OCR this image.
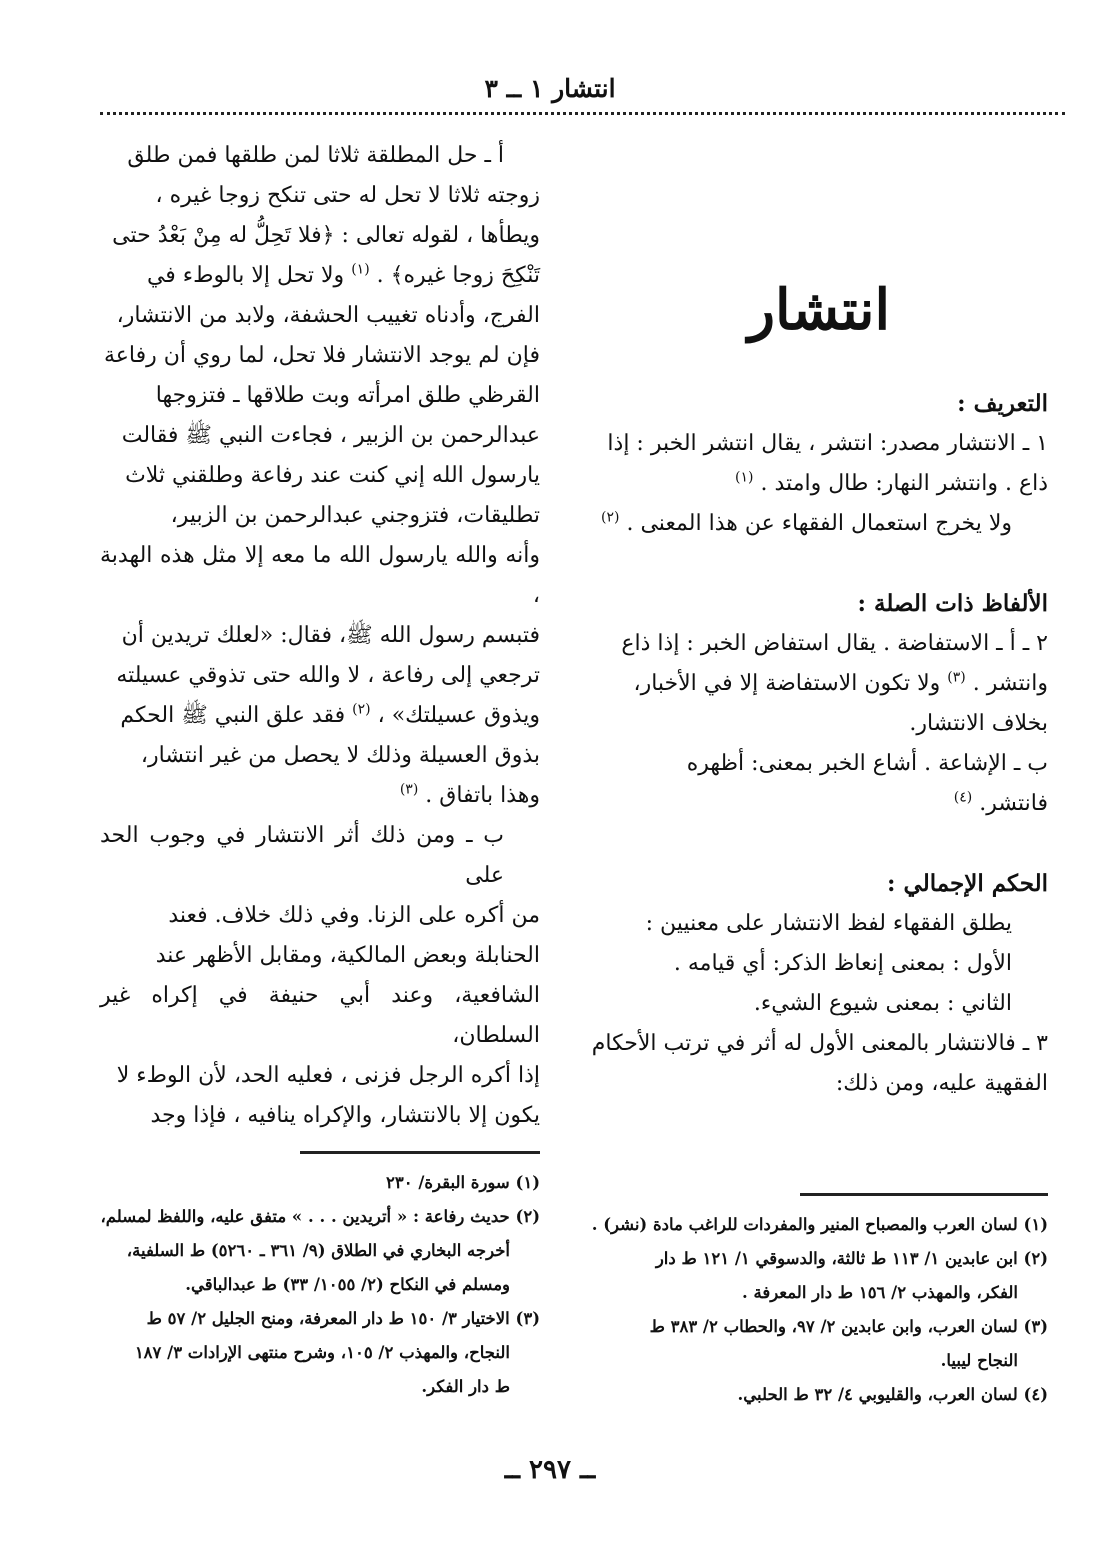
انتشار ١ ــ ٣
انتشار
التعريف :
١ ـ الانتشار مصدر: انتشر ، يقال انتشر الخبر : إذا
ذاع . وانتشر النهار: طال وامتد . $^{(١)}$
ولا يخرج استعمال الفقهاء عن هذا المعنى . $^{(٢)}$
الألفاظ ذات الصلة :
٢ ـ أ ـ الاستفاضة . يقال استفاض الخبر : إذا ذاع
وانتشر . $^{(٣)}$ ولا تكون الاستفاضة إلا في الأخبار،
بخلاف الانتشار.
ب ـ الإشاعة . أشاع الخبر بمعنى: أظهره
فانتشر. $^{(٤)}$
الحكم الإجمالي :
يطلق الفقهاء لفظ الانتشار على معنيين :
الأول : بمعنى إنعاظ الذكر: أي قيامه .
الثاني : بمعنى شيوع الشيء.
٣ ـ فالانتشار بالمعنى الأول له أثر في ترتب الأحكام
الفقهية عليه، ومن ذلك:
أ ـ حل المطلقة ثلاثا لمن طلقها فمن طلق
زوجته ثلاثا لا تحل له حتى تنكح زوجا غيره ،
ويطأها ، لقوله تعالى : ﴿فلا تَحِلُّ له مِنْ بَعْدُ حتى
تَنْكِحَ زوجا غيره﴾ . $^{(١)}$ ولا تحل إلا بالوطء في
الفرج، وأدناه تغييب الحشفة، ولابد من الانتشار،
فإن لم يوجد الانتشار فلا تحل، لما روي أن رفاعة
القرظي طلق امرأته وبت طلاقها ـ فتزوجها
عبدالرحمن بن الزبير ، فجاءت النبي ﷺ فقالت
يارسول الله إني كنت عند رفاعة وطلقني ثلاث
تطليقات، فتزوجني عبدالرحمن بن الزبير،
وأنه والله يارسول الله ما معه إلا مثل هذه الهدبة ،
فتبسم رسول الله ﷺ، فقال: «لعلك تريدين أن
ترجعي إلى رفاعة ، لا والله حتى تذوقي عسيلته
ويذوق عسيلتك» ، $^{(٢)}$ فقد علق النبي ﷺ الحكم
بذوق العسيلة وذلك لا يحصل من غير انتشار،
وهذا باتفاق . $^{(٣)}$
ب ـ ومن ذلك أثر الانتشار في وجوب الحد على
من أكره على الزنا. وفي ذلك خلاف. فعند
الحنابلة وبعض المالكية، ومقابل الأظهر عند
الشافعية، وعند أبي حنيفة في إكراه غير السلطان،
إذا أكره الرجل فزنى ، فعليه الحد، لأن الوطء لا
يكون إلا بالانتشار، والإكراه ينافيه ، فإذا وجد
(١) لسان العرب والمصباح المنير والمفردات للراغب مادة (نشر) .
(٢) ابن عابدين ١/ ١١٣ ط ثالثة، والدسوقي ١/ ١٢١ ط دار
الفكر، والمهذب ٢/ ١٥٦ ط دار المعرفة .
(٣) لسان العرب، وابن عابدين ٢/ ٩٧، والحطاب ٢/ ٣٨٣ ط
النجاح ليبيا.
(٤) لسان العرب، والقليوبي ٤/ ٣٢ ط الحلبي.
(١) سورة البقرة/ ٢٣٠
(٢) حديث رفاعة : « أتريدين . . . » متفق عليه، واللفظ لمسلم،
أخرجه البخاري في الطلاق (٩/ ٣٦١ ـ ٥٢٦٠) ط السلفية،
ومسلم في النكاح (٢/ ١٠٥٥/ ٣٣) ط عبدالباقي.
(٣) الاختيار ٣/ ١٥٠ ط دار المعرفة، ومنح الجليل ٢/ ٥٧ ط
النجاح، والمهذب ٢/ ١٠٥، وشرح منتهى الإرادات ٣/ ١٨٧
ط دار الفكر.
ــ ٢٩٧ ــ
